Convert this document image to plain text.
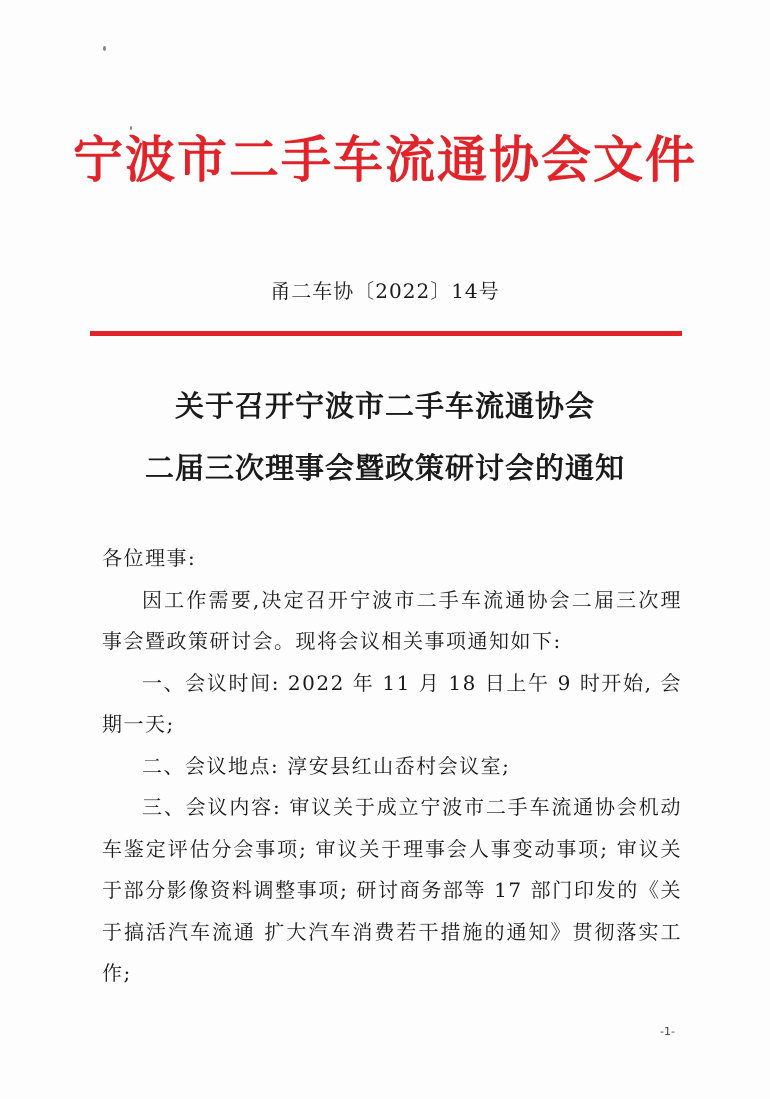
宁波市二手车流通协会文件
甬二车协〔2022〕14号
关于召开宁波市二手车流通协会
二届三次理事会暨政策研讨会的通知

各位理事:

因工作需要,决定召开宁波市二手车流通协会二届三次理事会暨政策研讨会。现将会议相关事项通知如下:

一、会议时间: 2022 年 11 月 18 日上午 9 时开始, 会期一天;

二、会议地点: 淳安县红山岙村会议室;

三、会议内容: 审议关于成立宁波市二手车流通协会机动车鉴定评估分会事项; 审议关于理事会人事变动事项; 审议关于部分影像资料调整事项; 研讨商务部等 17 部门印发的《关于搞活汽车流通 扩大汽车消费若干措施的通知》贯彻落实工作;

-1-
